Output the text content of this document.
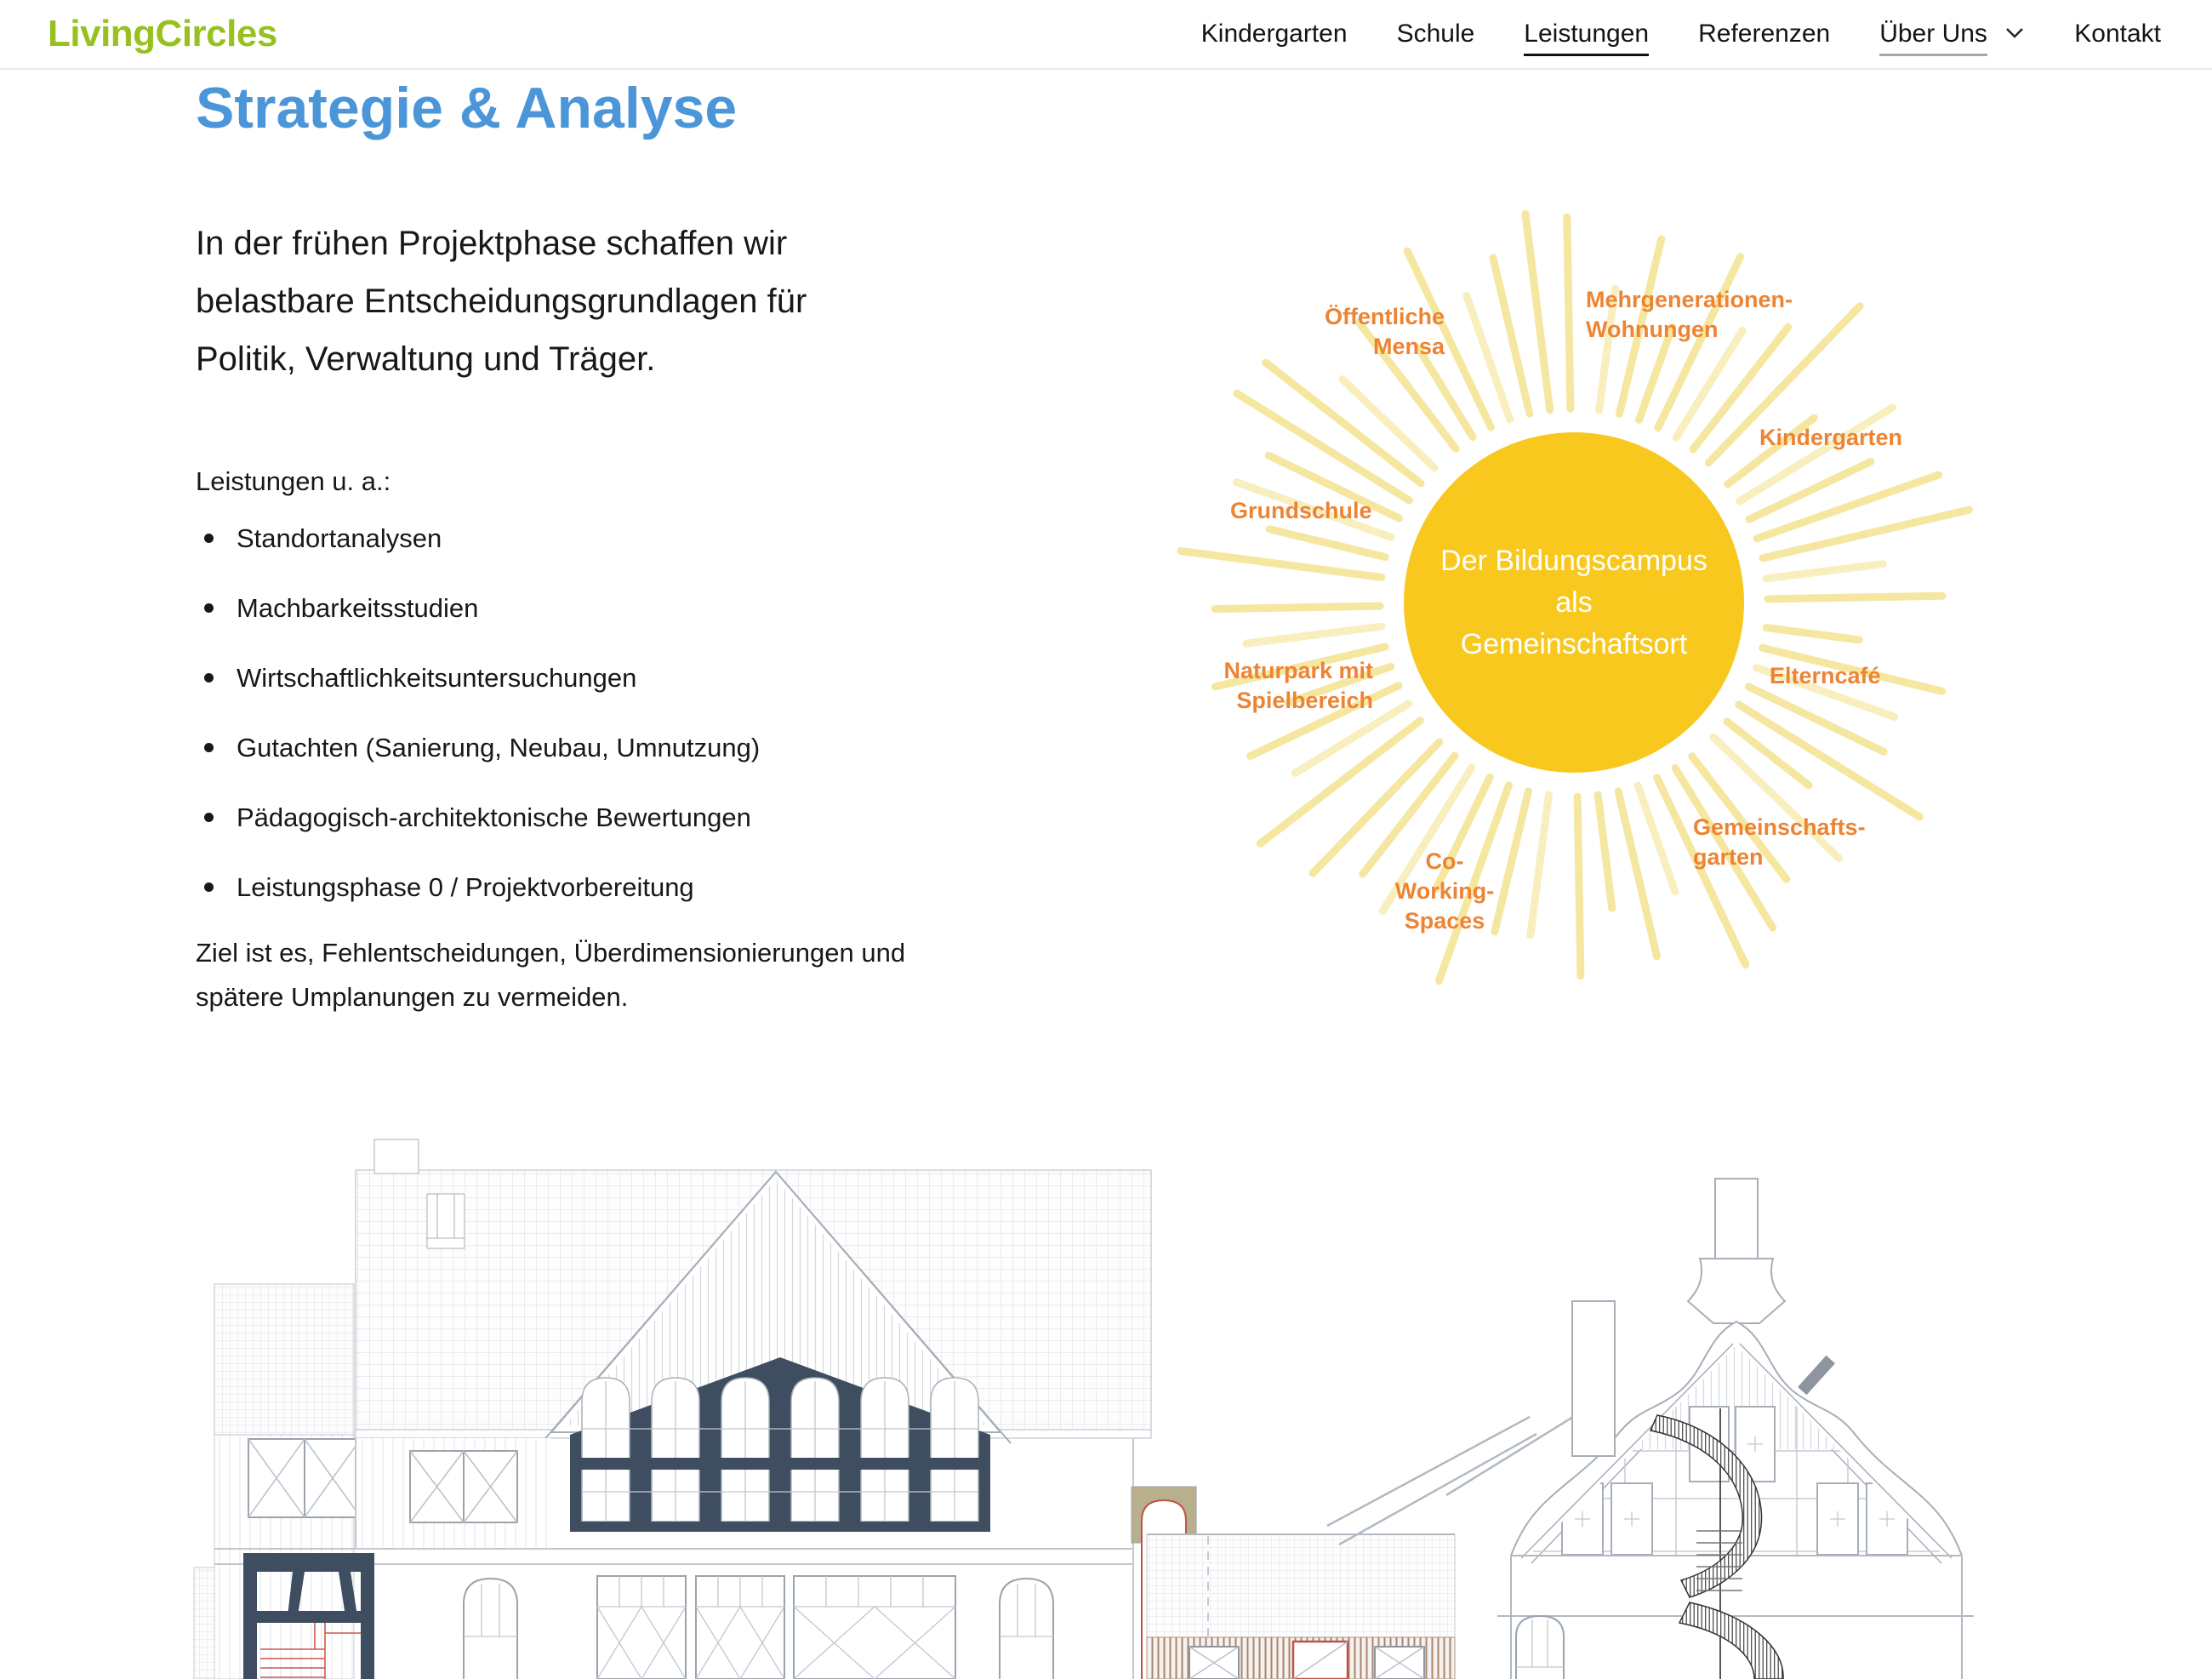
LivingCircles	Kindergarten Schule Leistungen Referenzen Über Uns	Kontakt
Strategie & Analyse
In der frühen Projektphase schaffen wir
belastbare Entscheidungsgrundlagen für
Politik, Verwaltung und Träger.
Leistungen u. a.:
Standortanalysen
Machbarkeitsstudien
Wirtschaftlichkeitsuntersuchungen
Gutachten (Sanierung, Neubau, Umnutzung)
Pädagogisch-architektonische Bewertungen
Leistungsphase 0 / Projektvorbereitung
Ziel ist es, Fehlentscheidungen, Überdimensionierungen und
spätere Umplanungen zu vermeiden.
Der Bildungscampus
als
Gemeinschaftsort
Öffentliche
Mensa
Mehrgenerationen-
Wohnungen
Kindergarten
Grundschule
Naturpark mit
Spielbereich
Elterncafé
Co-Working-
Spaces
Gemeinschafts-
garten
